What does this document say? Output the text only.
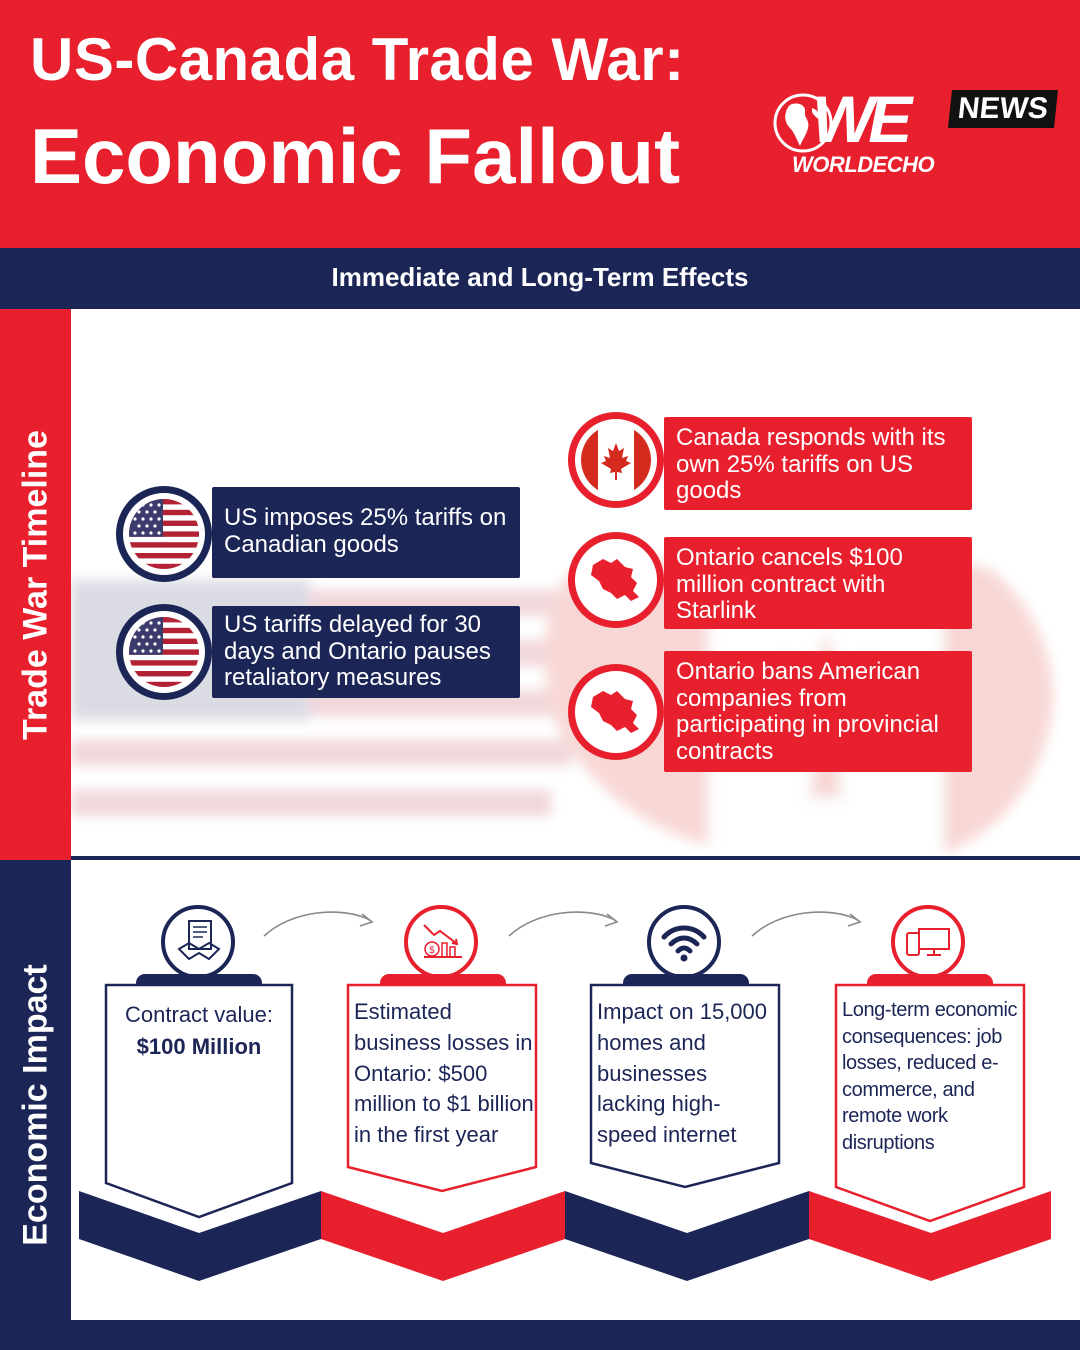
US-Canada Trade War:
Economic Fallout WE NEWS
WORLDECHO
Immediate and Long-Term Effects
Trade War Timeline
Economic Impact
US imposes 25% tariffs on Canadian goods
US tariffs delayed for 30 days and Ontario pauses retaliatory measures
Canada responds with its own 25% tariffs on US goods
Ontario cancels $100 million contract with Starlink
Ontario bans American companies from participating in provincial contracts
Contract value:
$100 Million
$
Estimated business losses in Ontario: $500 million to $1 billion in the first year
Impact on 15,000 homes and businesses lacking high-speed internet
Long-term economic consequences: job losses, reduced e-commerce, and remote work disruptions
